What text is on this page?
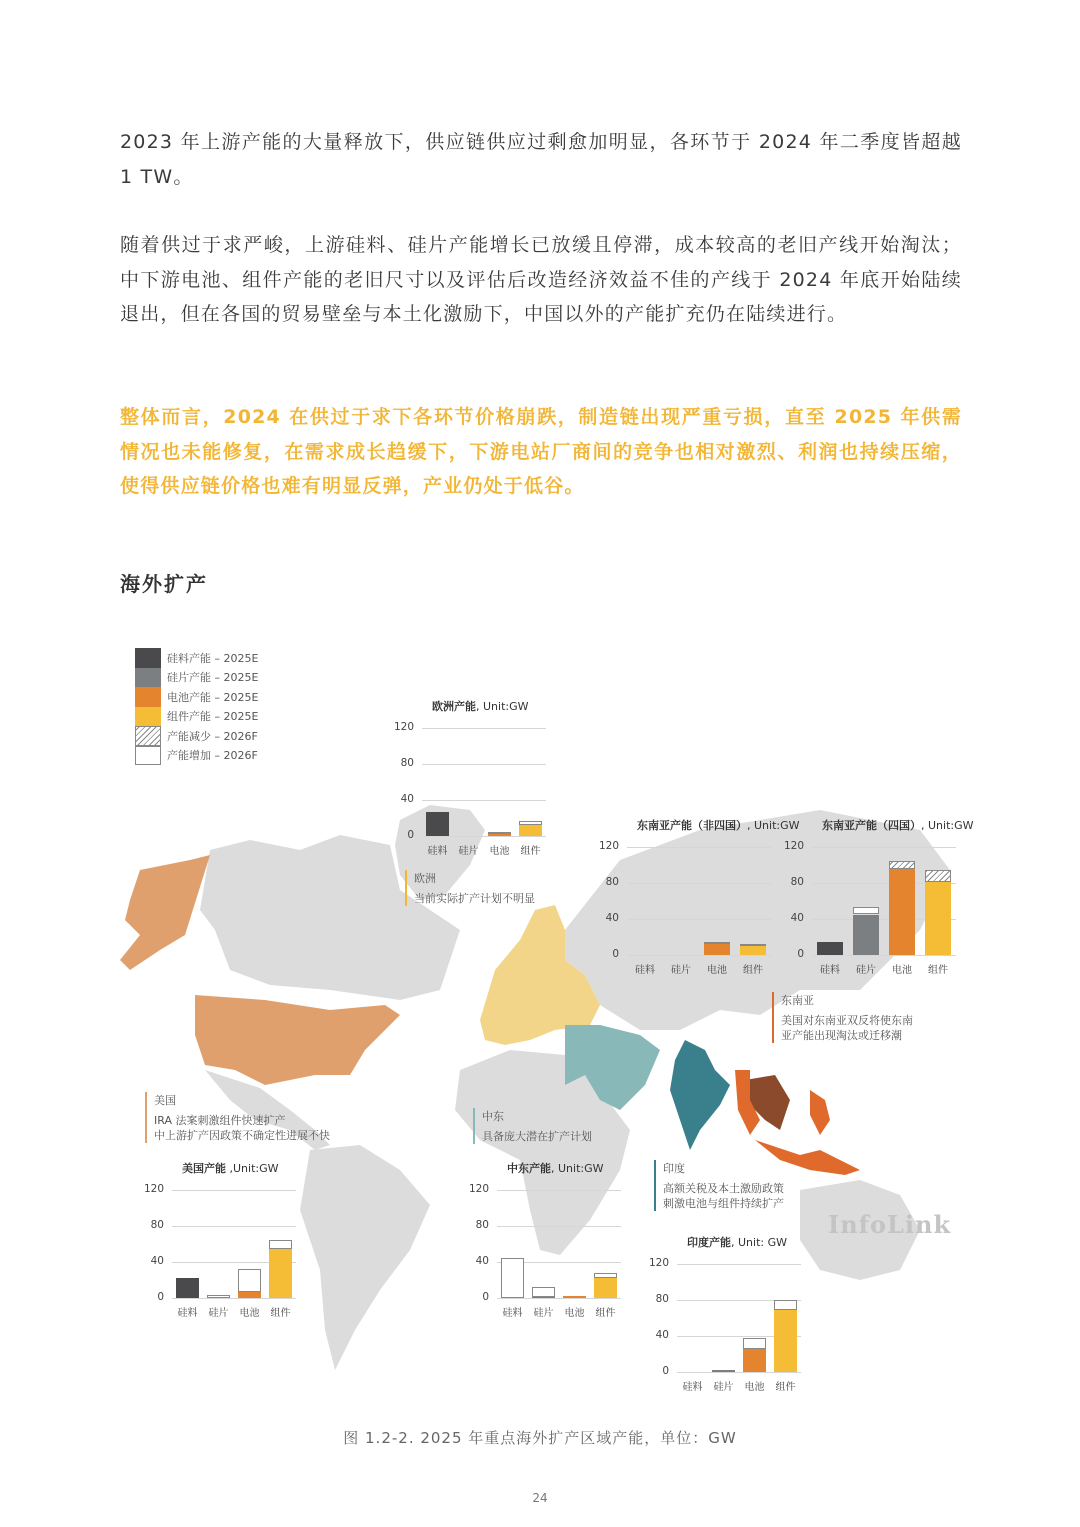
2023 年上游产能的大量释放下，供应链供应过剩愈加明显，各环节于 2024 年二季度皆超越 1 TW。
随着供过于求严峻，上游硅料、硅片产能增长已放缓且停滞，成本较高的老旧产线开始淘汰；中下游电池、组件产能的老旧尺寸以及评估后改造经济效益不佳的产线于 2024 年底开始陆续退出，但在各国的贸易壁垒与本土化激励下，中国以外的产能扩充仍在陆续进行。
整体而言，2024 在供过于求下各环节价格崩跌，制造链出现严重亏损，直至 2025 年供需情况也未能修复，在需求成长趋缓下，下游电站厂商间的竞争也相对激烈、利润也持续压缩，使得供应链价格也难有明显反弹，产业仍处于低谷。
海外扩产
硅料产能 – 2025E
硅片产能 – 2025E
电池产能 – 2025E
组件产能 – 2025E
产能减少 – 2026F
产能增加 – 2026F
欧洲产能, Unit:GW
120
80
40
0
硅料	硅片	电池	组件
东南亚产能（非四国）, Unit:GW
120
80
40
0
硅料	硅片	电池	组件
东南亚产能（四国）, Unit:GW
120
80
40
0
硅料	硅片	电池	组件
美国产能 ,Unit:GW
120
80
40
0
硅料	硅片	电池	组件
中东产能, Unit:GW
120
80
40
0
硅料	硅片	电池	组件
印度产能, Unit: GW
120
80
40
0
硅料	硅片	电池	组件
欧洲
当前实际扩产计划不明显
东南亚
美国对东南亚双反将使东南
亚产能出现淘汰或迁移潮
美国
IRA 法案刺激组件快速扩产
中上游扩产因政策不确定性进展不快
中东
具备庞大潜在扩产计划
印度
高额关税及本土激励政策
刺激电池与组件持续扩产
InfoLink
图 1.2-2. 2025 年重点海外扩产区域产能，单位：GW
24
